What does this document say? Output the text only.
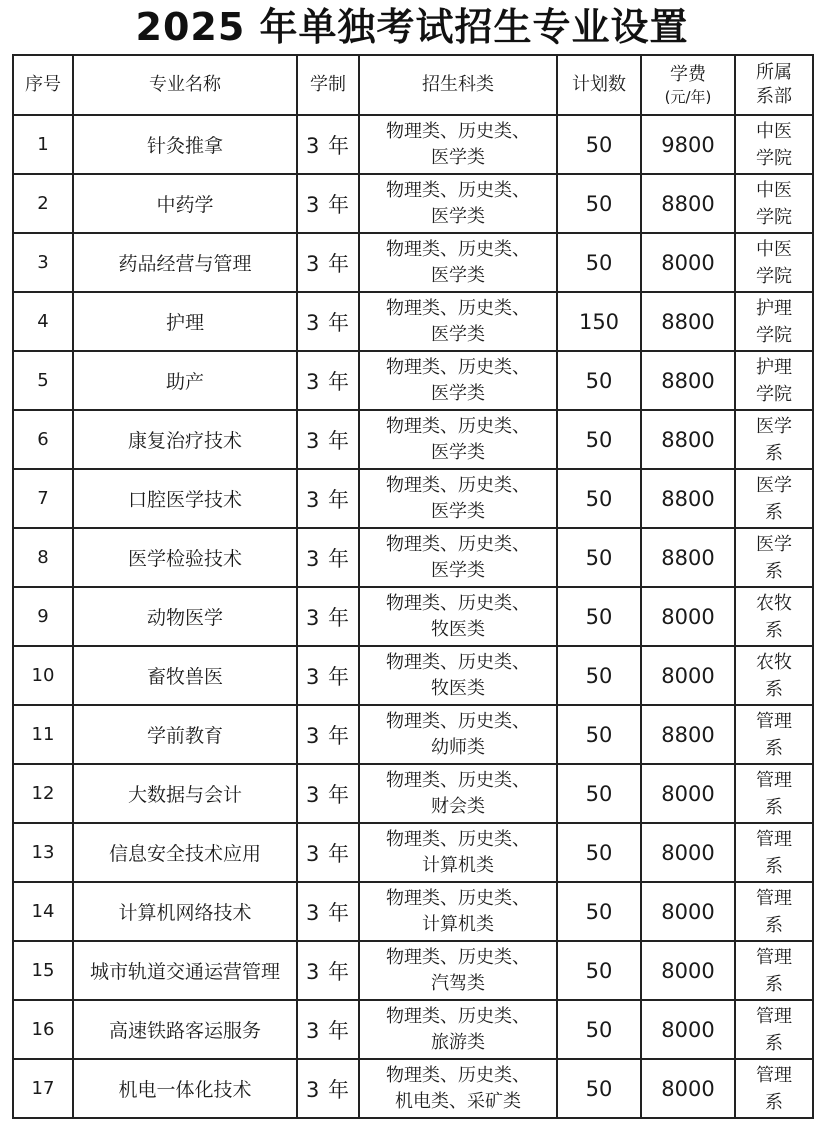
2025 年单独考试招生专业设置
序号	专业名称	学制	招生科类	计划数	学费
(元/年)	所属系部

1	针灸推拿	3 年	物理类、历史类、
医学类	50	9800	中医学院

2	中药学	3 年	物理类、历史类、
医学类	50	8800	中医学院

3	药品经营与管理	3 年	物理类、历史类、
医学类	50	8000	中医学院

4	护理	3 年	物理类、历史类、
医学类	150	8800	护理学院

5	助产	3 年	物理类、历史类、
医学类	50	8800	护理学院

6	康复治疗技术	3 年	物理类、历史类、
医学类	50	8800	医学系

7	口腔医学技术	3 年	物理类、历史类、
医学类	50	8800	医学系

8	医学检验技术	3 年	物理类、历史类、
医学类	50	8800	医学系

9	动物医学	3 年	物理类、历史类、
牧医类	50	8000	农牧系

10	畜牧兽医	3 年	物理类、历史类、
牧医类	50	8000	农牧系

11	学前教育	3 年	物理类、历史类、
幼师类	50	8800	管理系

12	大数据与会计	3 年	物理类、历史类、
财会类	50	8000	管理系

13	信息安全技术应用	3 年	物理类、历史类、
计算机类	50	8000	管理系

14	计算机网络技术	3 年	物理类、历史类、
计算机类	50	8000	管理系

15	城市轨道交通运营管理	3 年	物理类、历史类、
汽驾类	50	8000	管理系

16	高速铁路客运服务	3 年	物理类、历史类、
旅游类	50	8000	管理系

17	机电一体化技术	3 年	物理类、历史类、
机电类、采矿类	50	8000	管理系
